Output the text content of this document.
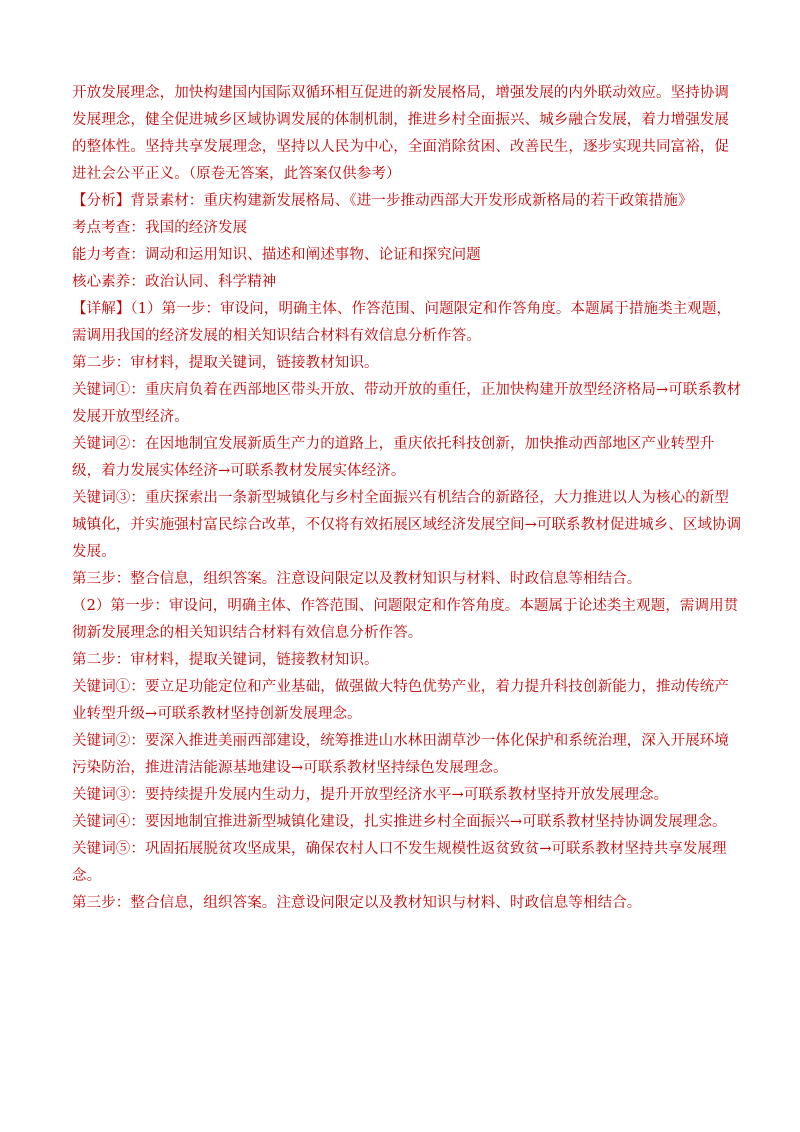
开放发展理念，加快构建国内国际双循环相互促进的新发展格局，增强发展的内外联动效应。坚持协调发展理念，健全促进城乡区域协调发展的体制机制，推进乡村全面振兴、城乡融合发展，着力增强发展的整体性。坚持共享发展理念，坚持以人民为中心，全面消除贫困、改善民生，逐步实现共同富裕，促进社会公平正义。（原卷无答案，此答案仅供参考）

【分析】背景素材：重庆构建新发展格局、《进一步推动西部大开发形成新格局的若干政策措施》

考点考查：我国的经济发展

能力考查：调动和运用知识、描述和阐述事物、论证和探究问题

核心素养：政治认同、科学精神

【详解】（1）第一步：审设问，明确主体、作答范围、问题限定和作答角度。本题属于措施类主观题，需调用我国的经济发展的相关知识结合材料有效信息分析作答。

第二步：审材料，提取关键词，链接教材知识。

关键词①：重庆肩负着在西部地区带头开放、带动开放的重任，正加快构建开放型经济格局→可联系教材发展开放型经济。

关键词②：在因地制宜发展新质生产力的道路上，重庆依托科技创新，加快推动西部地区产业转型升级，着力发展实体经济→可联系教材发展实体经济。

关键词③：重庆探索出一条新型城镇化与乡村全面振兴有机结合的新路径，大力推进以人为核心的新型城镇化，并实施强村富民综合改革，不仅将有效拓展区域经济发展空间→可联系教材促进城乡、区域协调发展。

第三步：整合信息，组织答案。注意设问限定以及教材知识与材料、时政信息等相结合。

（2）第一步：审设问，明确主体、作答范围、问题限定和作答角度。本题属于论述类主观题，需调用贯彻新发展理念的相关知识结合材料有效信息分析作答。

第二步：审材料，提取关键词，链接教材知识。

关键词①：要立足功能定位和产业基础，做强做大特色优势产业，着力提升科技创新能力，推动传统产业转型升级→可联系教材坚持创新发展理念。

关键词②：要深入推进美丽西部建设，统筹推进山水林田湖草沙一体化保护和系统治理，深入开展环境污染防治，推进清洁能源基地建设→可联系教材坚持绿色发展理念。

关键词③：要持续提升发展内生动力，提升开放型经济水平→可联系教材坚持开放发展理念。

关键词④：要因地制宜推进新型城镇化建设，扎实推进乡村全面振兴→可联系教材坚持协调发展理念。

关键词⑤：巩固拓展脱贫攻坚成果，确保农村人口不发生规模性返贫致贫→可联系教材坚持共享发展理念。

第三步：整合信息，组织答案。注意设问限定以及教材知识与材料、时政信息等相结合。
